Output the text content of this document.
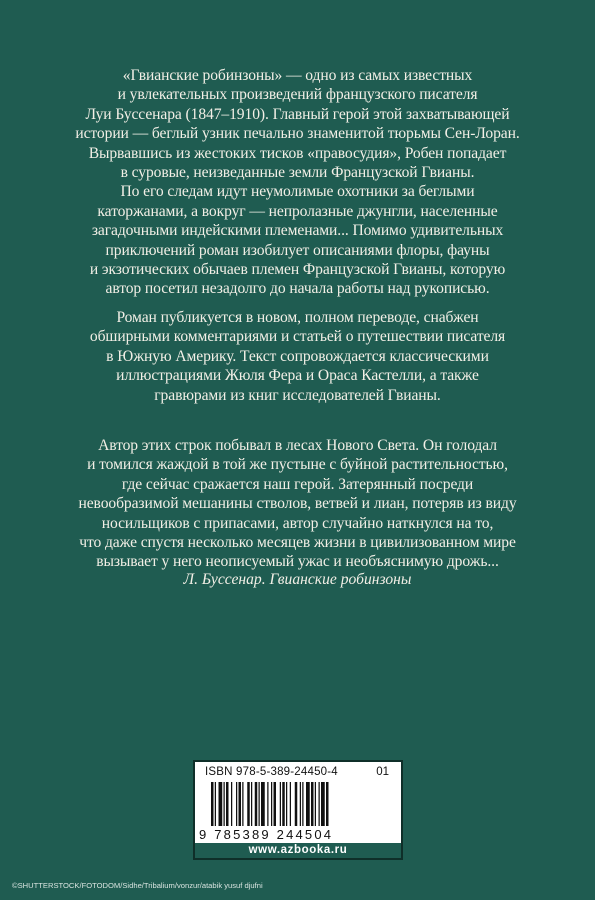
«Гвианские робинзоны» — одно из самых известных
и увлекательных произведений французского писателя
Луи Буссенара (1847–1910). Главный герой этой захватывающей
истории — беглый узник печально знаменитой тюрьмы Сен-Лоран.
Вырвавшись из жестоких тисков «правосудия», Робен попадает
в суровые, неизведанные земли Французской Гвианы.
По его следам идут неумолимые охотники за беглыми
каторжанами, а вокруг — непролазные джунгли, населенные
загадочными индейскими племенами... Помимо удивительных
приключений роман изобилует описаниями флоры, фауны
и экзотических обычаев племен Французской Гвианы, которую
автор посетил незадолго до начала работы над рукописью.
Роман публикуется в новом, полном переводе, снабжен
обширными комментариями и статьей о путешествии писателя
в Южную Америку. Текст сопровождается классическими
иллюстрациями Жюля Фера и Ораса Кастелли, а также
гравюрами из книг исследователей Гвианы.
Автор этих строк побывал в лесах Нового Света. Он голодал
и томился жаждой в той же пустыне с буйной растительностью,
где сейчас сражается наш герой. Затерянный посреди
невообразимой мешанины стволов, ветвей и лиан, потеряв из виду
носильщиков с припасами, автор случайно наткнулся на то,
что даже спустя несколько месяцев жизни в цивилизованном мире
вызывает у него неописуемый ужас и необъяснимую дрожь...
Л. Буссенар. Гвианские робинзоны
ISBN 978-5-389-24450-4	01
9 785389 244504
www.azbooka.ru
©SHUTTERSTOCK/FOTODOM/Sidhe/Tribalium/vonzur/atabik yusuf djufni
